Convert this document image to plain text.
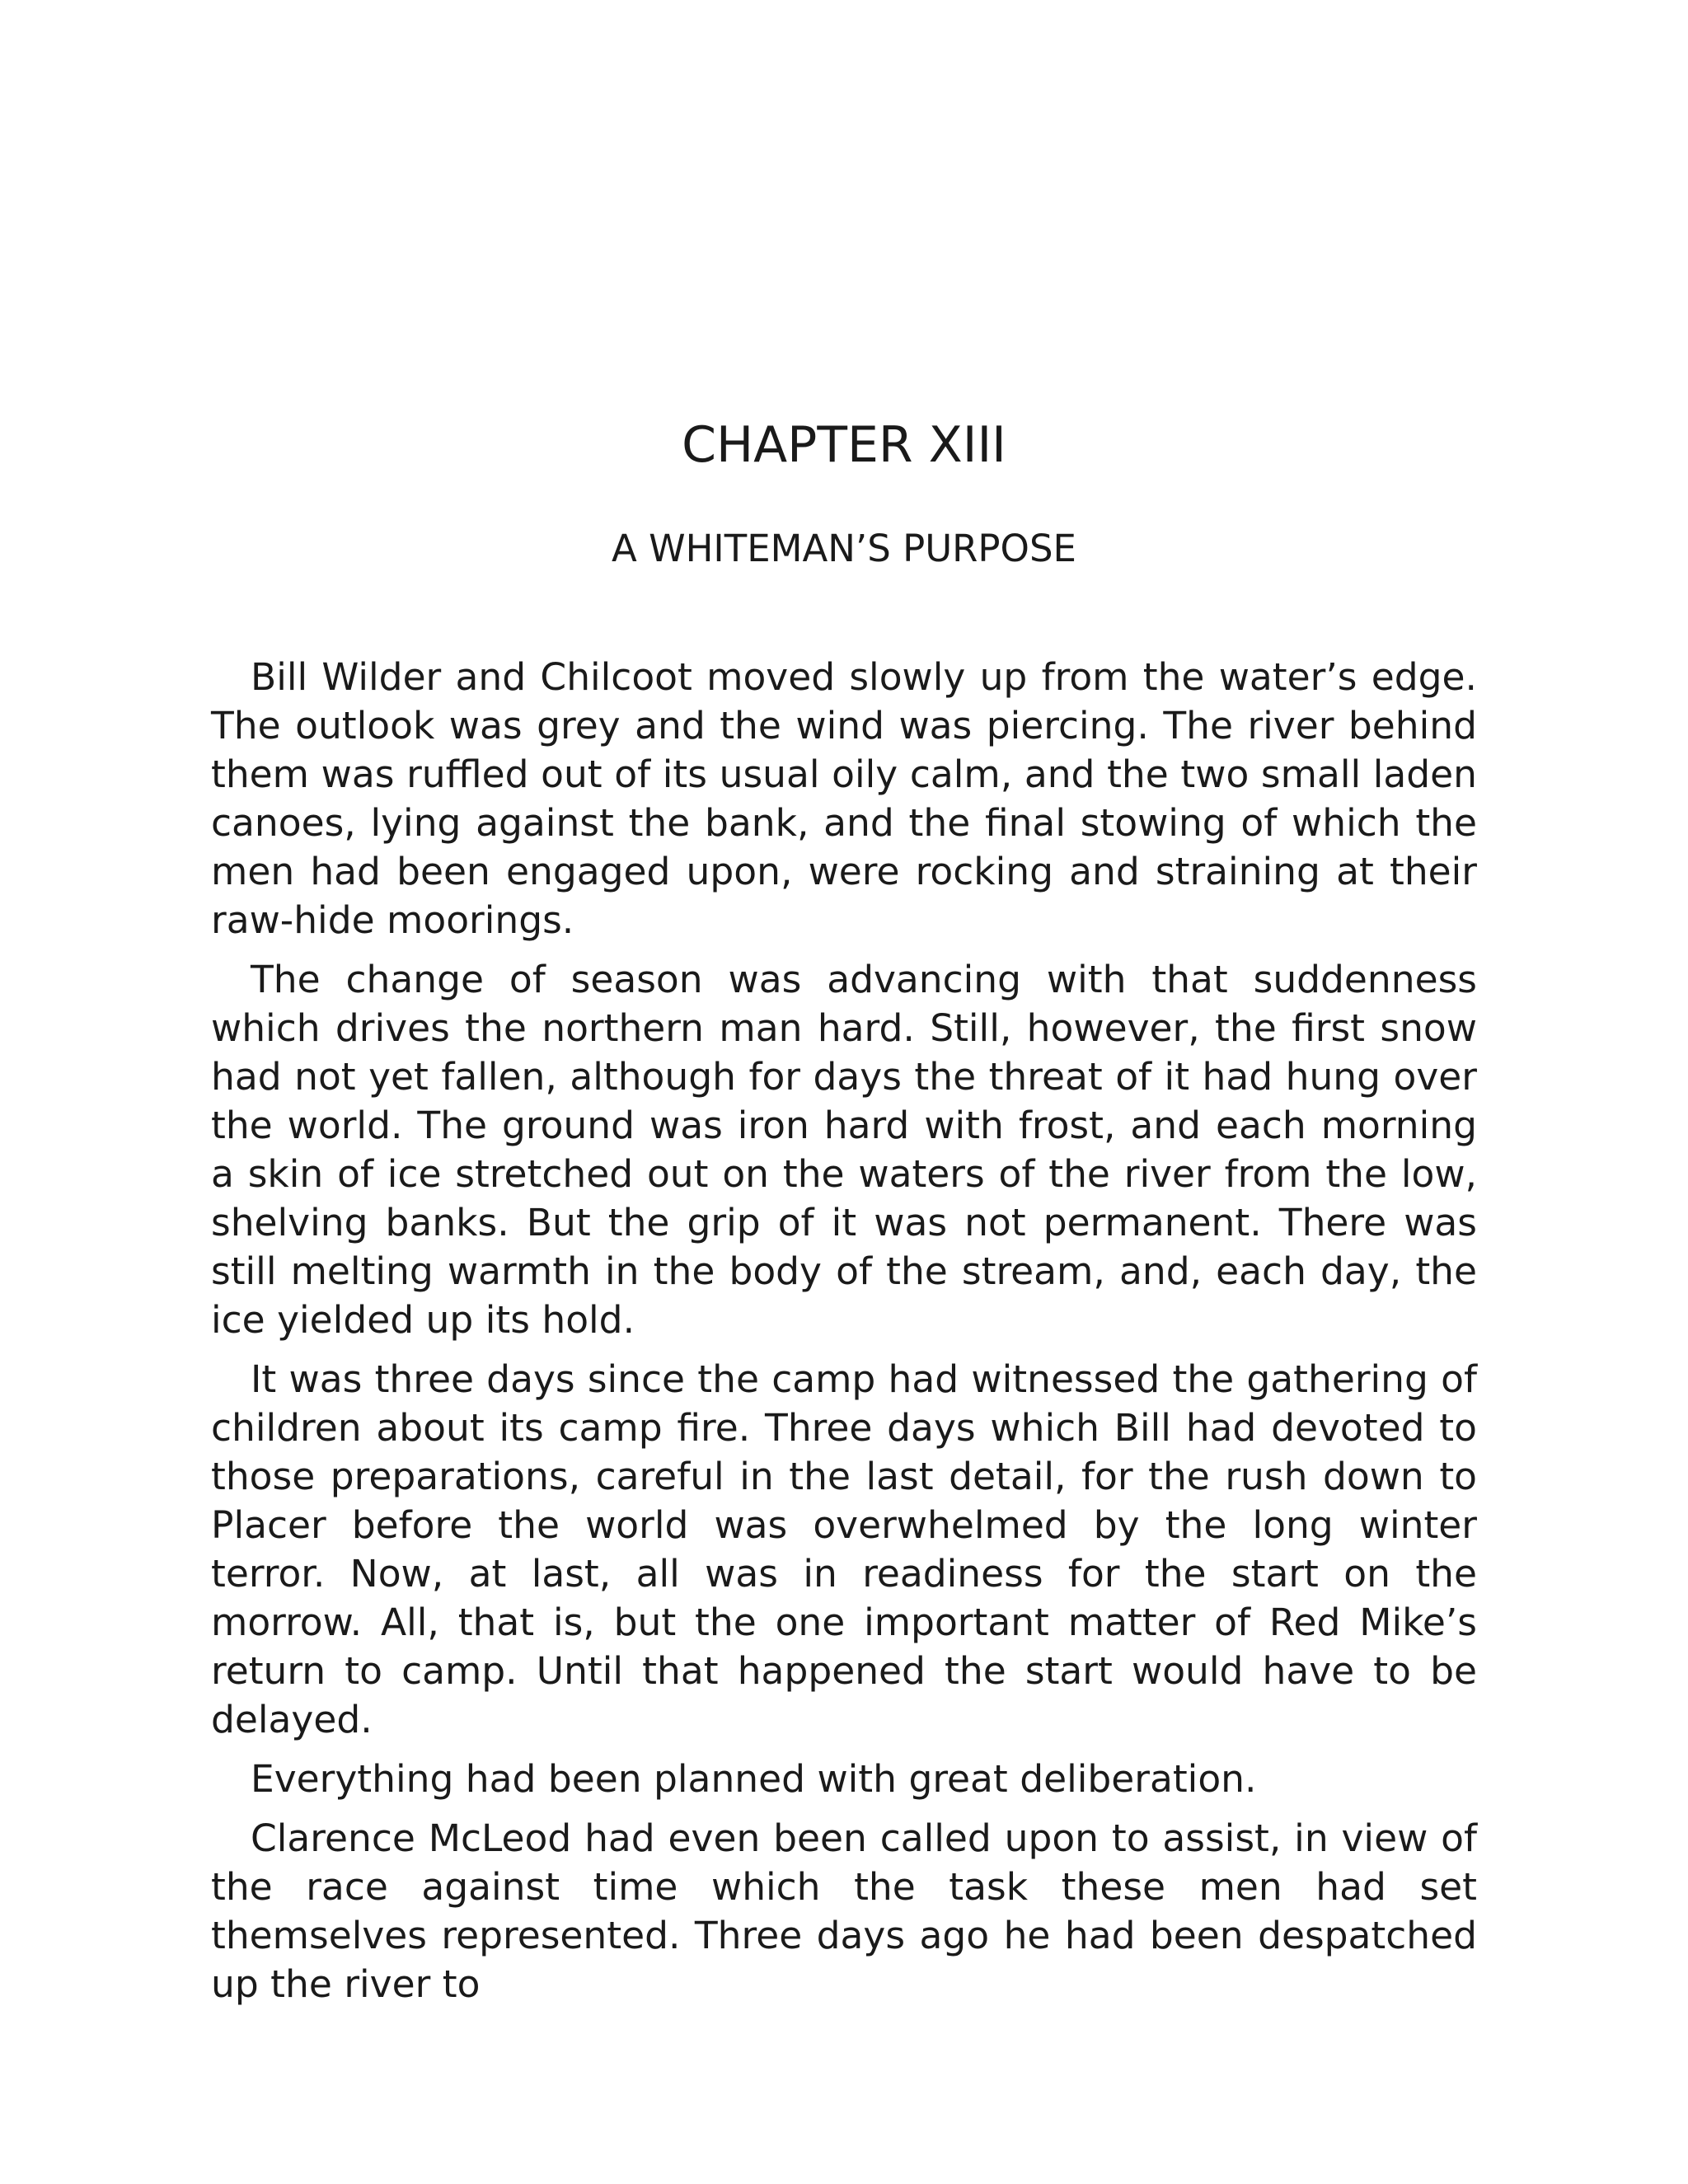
CHAPTER XIII
A WHITEMAN’S PURPOSE

Bill Wilder and Chilcoot moved slowly up from the water’s edge. The outlook was grey and the wind was piercing. The river behind them was ruffled out of its usual oily calm, and the two small laden canoes, lying against the bank, and the final stowing of which the men had been engaged upon, were rocking and straining at their raw-hide moorings.

The change of season was advancing with that suddenness which drives the northern man hard. Still, however, the first snow had not yet fallen, although for days the threat of it had hung over the world. The ground was iron hard with frost, and each morning a skin of ice stretched out on the waters of the river from the low, shelving banks. But the grip of it was not permanent. There was still melting warmth in the body of the stream, and, each day, the ice yielded up its hold.

It was three days since the camp had witnessed the gathering of children about its camp fire. Three days which Bill had devoted to those preparations, careful in the last detail, for the rush down to Placer before the world was overwhelmed by the long winter terror. Now, at last, all was in readiness for the start on the morrow. All, that is, but the one important matter of Red Mike’s return to camp. Until that happened the start would have to be delayed.

Everything had been planned with great deliberation.

Clarence McLeod had even been called upon to assist, in view of the race against time which the task these men had set themselves represented. Three days ago he had been despatched up the river to
